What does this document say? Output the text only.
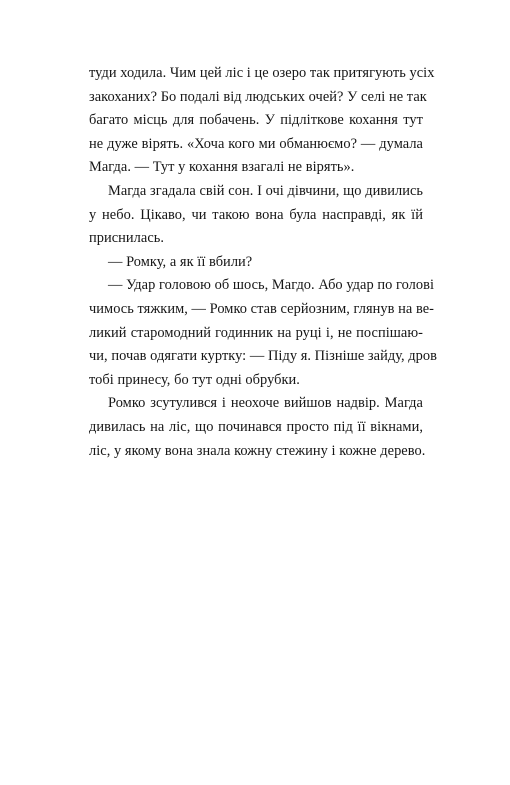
туди ходила. Чим цей ліс і це озеро так притягують усіх
закоханих? Бо подалі від людських очей? У селі не так
багато місць для побачень. У підліткове кохання тут
не дуже вірять. «Хоча кого ми обманюємо? — думала
Магда. — Тут у кохання взагалі не вірять».

Магда згадала свій сон. І очі дівчини, що дивились
у небо. Цікаво, чи такою вона була насправді, як їй
приснилась.

— Ромку, а як її вбили?

— Удар головою об шось, Магдо. Або удар по голові
чимось тяжким, — Ромко став серйозним, глянув на ве-
ликий старомодний годинник на руці і, не поспішаю-
чи, почав одягати куртку: — Піду я. Пізніше зайду, дров
тобі принесу, бо тут одні обрубки.

Ромко зсутулився і неохоче вийшов надвір. Магда
дивилась на ліс, що починався просто під її вікнами,
ліс, у якому вона знала кожну стежину і кожне дерево.
